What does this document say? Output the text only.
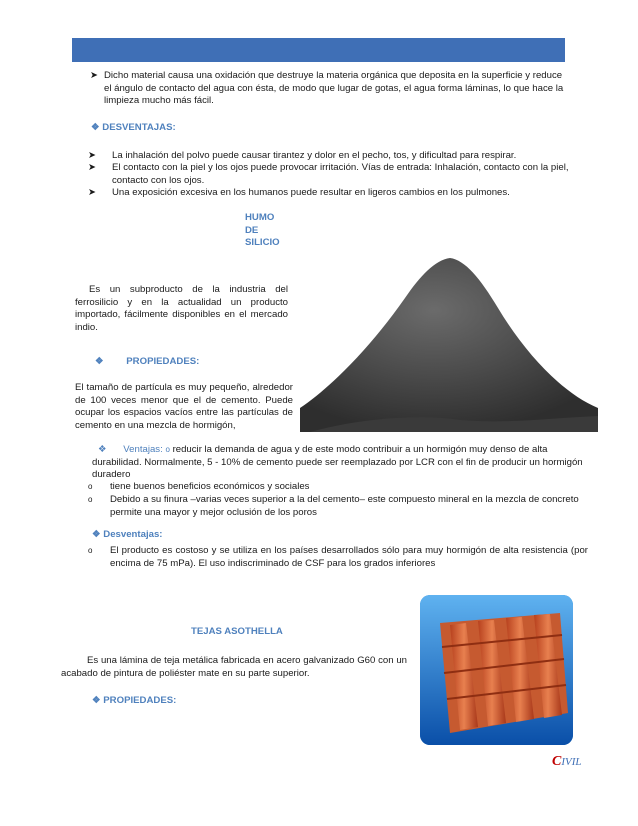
➤ Dicho material causa una oxidación que destruye la materia orgánica que deposita en la superficie y reduce el ángulo de contacto del agua con ésta, de modo que lugar de gotas, el agua forma láminas, lo que hace la limpieza mucho más fácil.
❖ DESVENTAJAS:
➤ La inhalación del polvo puede causar tirantez y dolor en el pecho, tos, y dificultad para respirar.
➤ El contacto con la piel y los ojos puede provocar irritación. Vías de entrada: Inhalación, contacto con la piel, contacto con los ojos.
➤ Una exposición excesiva en los humanos puede resultar en ligeros cambios en los pulmones.
HUMO
DE
SILICIO
Es un subproducto de la industria del ferrosilicio y en la actualidad un producto importado, fácilmente disponibles en el mercado indio.
❖ PROPIEDADES:
El tamaño de partícula es muy pequeño, alrededor de 100 veces menor que el de cemento. Puede ocupar los espacios vacíos entre las partículas de cemento en una mezcla de hormigón,
❖ Ventajas: o reducir la demanda de agua y de este modo contribuir a un hormigón muy denso de alta durabilidad. Normalmente, 5 - 10% de cemento puede ser reemplazado por LCR con el fin de producir un hormigón duradero
o tiene buenos beneficios económicos y sociales
o Debido a su finura –varias veces superior a la del cemento– este compuesto mineral en la mezcla de concreto permite una mayor y mejor oclusión de los poros
❖ Desventajas:
o El producto es costoso y se utiliza en los países desarrollados sólo para muy hormigón de alta resistencia (por encima de 75 mPa). El uso indiscriminado de CSF para los grados inferiores
TEJAS ASOTHELLA
Es una lámina de teja metálica fabricada en acero galvanizado G60 con un acabado de pintura de poliéster mate en su parte superior.
❖ PROPIEDADES:
CIVIL
